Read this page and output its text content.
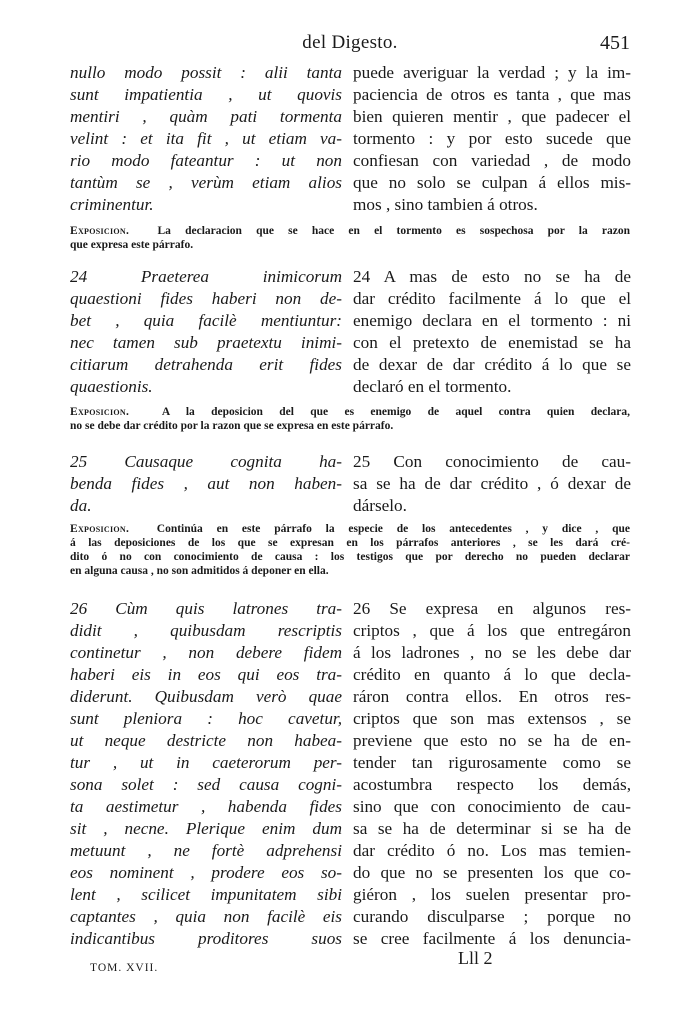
del Digesto.	451
nullo modo possit : alii tanta
sunt impatientia , ut quovis
mentiri , quàm pati tormenta
velint : et ita fit , ut etiam va-
rio modo fateantur : ut non
tantùm se , verùm etiam alios
criminentur.
puede averiguar la verdad ; y la im-
paciencia de otros es tanta , que mas
bien quieren mentir , que padecer el
tormento : y por esto sucede que
confiesan con variedad , de modo
que no solo se culpan á ellos mis-
mos , sino tambien á otros.
Exposicion. La declaracion que se hace en el tormento es sospechosa por la razon
que expresa este párrafo.
24 Praeterea inimicorum
quaestioni fides haberi non de-
bet , quia facilè mentiuntur:
nec tamen sub praetextu inimi-
citiarum detrahenda erit fides
quaestionis.
24 A mas de esto no se ha de
dar crédito facilmente á lo que el
enemigo declara en el tormento : ni
con el pretexto de enemistad se ha
de dexar de dar crédito á lo que se
declaró en el tormento.
Exposicion.	A la deposicion del que es enemigo de aquel contra quien declara,
no se debe dar crédito por la razon que se expresa en este párrafo.
25 Causaque cognita ha-
benda fides , aut non haben-
da.
25 Con conocimiento de cau-
sa se ha de dar crédito , ó dexar de
dárselo.
Exposicion. Continúa en este párrafo la especie de los antecedentes , y dice , que
á las deposiciones de los que se expresan en los párrafos anteriores , se les dará cré-
dito ó no con conocimiento de causa : los testigos que por derecho no pueden declarar
en alguna causa , no son admitidos á deponer en ella.
26 Cùm quis latrones tra-
didit , quibusdam rescriptis
continetur , non debere fidem
haberi eis in eos qui eos tra-
diderunt. Quibusdam verò quae
sunt pleniora : hoc cavetur,
ut neque destricte non habea-
tur , ut in caeterorum per-
sona solet : sed causa cogni-
ta aestimetur , habenda fides
sit , necne. Plerique enim dum
metuunt , ne fortè adprehensi
eos nominent , prodere eos so-
lent , scilicet impunitatem sibi
captantes , quia non facilè eis
indicantibus proditores suos
26 Se expresa en algunos res-
criptos , que á los que entregáron
á los ladrones , no se les debe dar
crédito en quanto á lo que decla-
ráron contra ellos. En otros res-
criptos que son mas extensos , se
previene que esto no se ha de en-
tender tan rigurosamente como se
acostumbra respecto los demás,
sino que con conocimiento de cau-
sa se ha de determinar si se ha de
dar crédito ó no. Los mas temien-
do que no se presenten los que co-
giéron , los suelen presentar pro-
curando disculparse ; porque no
se cree facilmente á los denuncia-
TOM. XVII.	Lll 2
